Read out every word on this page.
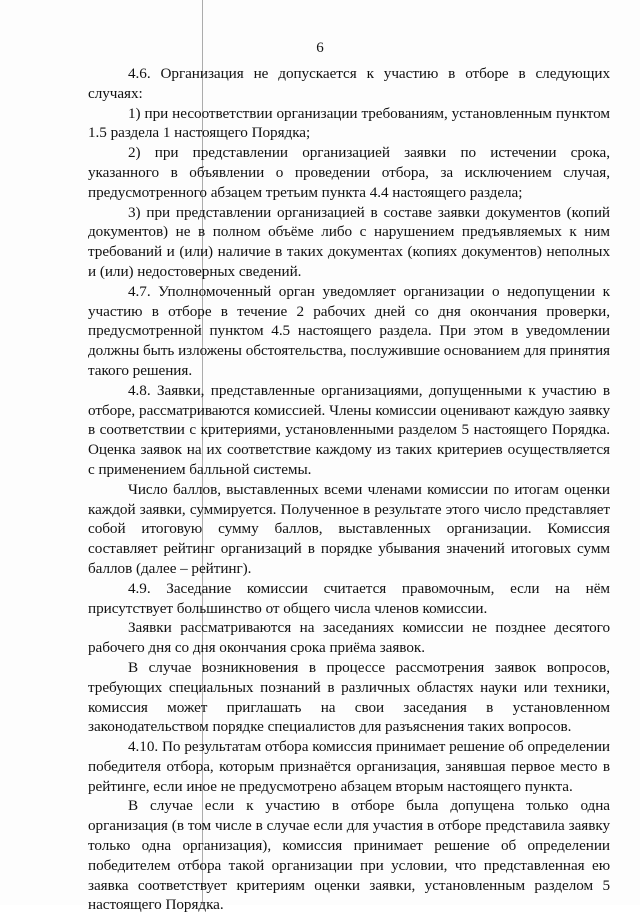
6

4.6. Организация не допускается к участию в отборе в следующих случаях:

1) при несоответствии организации требованиям, установленным пунктом 1.5 раздела 1 настоящего Порядка;

2) при представлении организацией заявки по истечении срока, указанного в объявлении о проведении отбора, за исключением случая, предусмотренного абзацем третьим пункта 4.4 настоящего раздела;

3) при представлении организацией в составе заявки документов (копий документов) не в полном объёме либо с нарушением предъявляемых к ним требований и (или) наличие в таких документах (копиях документов) неполных и (или) недостоверных сведений.

4.7. Уполномоченный орган уведомляет организации о недопущении к участию в отборе в течение 2 рабочих дней со дня окончания проверки, предусмотренной пунктом 4.5 настоящего раздела. При этом в уведомлении должны быть изложены обстоятельства, послужившие основанием для принятия такого решения.

4.8. Заявки, представленные организациями, допущенными к участию в отборе, рассматриваются комиссией. Члены комиссии оценивают каждую заявку в соответствии с критериями, установленными разделом 5 настоящего Порядка. Оценка заявок на их соответствие каждому из таких критериев осуществляется с применением балльной системы.

Число баллов, выставленных всеми членами комиссии по итогам оценки каждой заявки, суммируется. Полученное в результате этого число представляет собой итоговую сумму баллов, выставленных организации. Комиссия составляет рейтинг организаций в порядке убывания значений итоговых сумм баллов (далее – рейтинг).

4.9. Заседание комиссии считается правомочным, если на нём присутствует большинство от общего числа членов комиссии.

Заявки рассматриваются на заседаниях комиссии не позднее десятого рабочего дня со дня окончания срока приёма заявок.

В случае возникновения в процессе рассмотрения заявок вопросов, требующих специальных познаний в различных областях науки или техники, комиссия может приглашать на свои заседания в установленном законодательством порядке специалистов для разъяснения таких вопросов.

4.10. По результатам отбора комиссия принимает решение об определении победителя отбора, которым признаётся организация, занявшая первое место в рейтинге, если иное не предусмотрено абзацем вторым настоящего пункта.

В случае если к участию в отборе была допущена только одна организация (в том числе в случае если для участия в отборе представила заявку только одна организация), комиссия принимает решение об определении победителем отбора такой организации при условии, что представленная ею заявка соответствует критериям оценки заявки, установленным разделом 5 настоящего Порядка.
